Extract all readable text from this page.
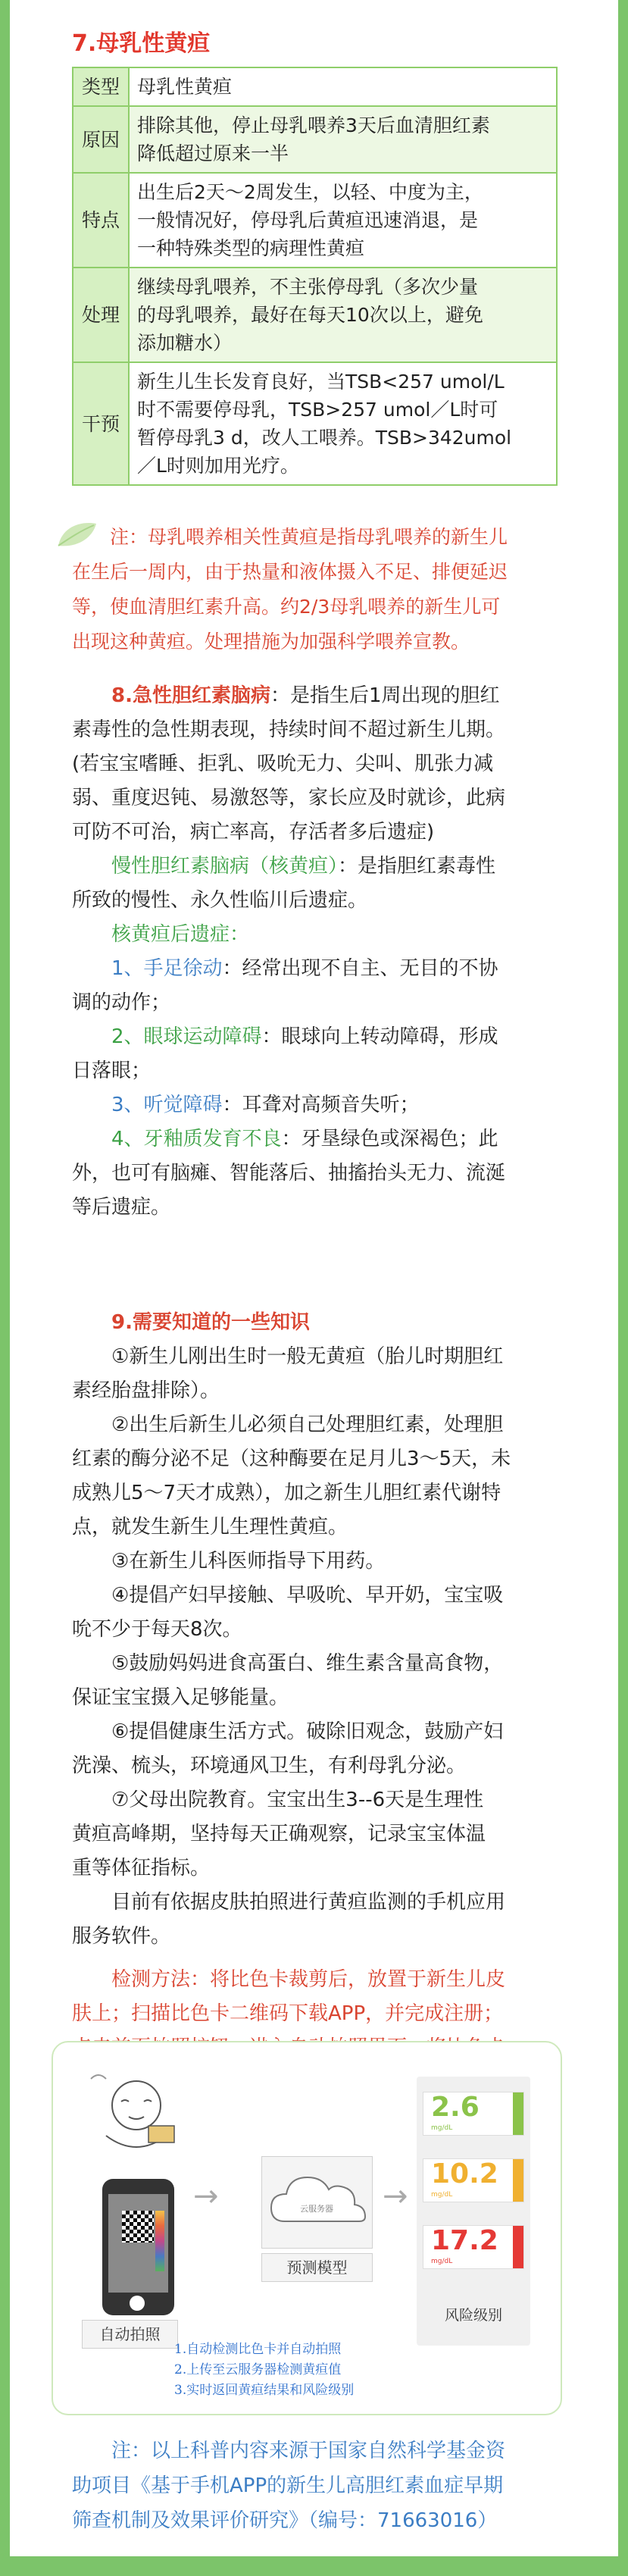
7.母乳性黄疸
类型	母乳性黄疸
原因	排除其他，停止母乳喂养3天后血清胆红素
降低超过原来一半

特点	出生后2天～2周发生，以轻、中度为主，
一般情况好，停母乳后黄疸迅速消退，是
一种特殊类型的病理性黄疸

处理	继续母乳喂养，不主张停母乳（多次少量
的母乳喂养，最好在每天10次以上，避免
添加糖水）

干预	新生儿生长发育良好，当TSB<257 umol/L
时不需要停母乳，TSB>257 umol／L时可
暂停母乳3 d，改人工喂养。TSB>342umol
／L时则加用光疗。
注：母乳喂养相关性黄疸是指母乳喂养的新生儿
在生后一周内，由于热量和液体摄入不足、排便延迟
等，使血清胆红素升高。约2/3母乳喂养的新生儿可
出现这种黄疸。处理措施为加强科学喂养宣教。
8.急性胆红素脑病：是指生后1周出现的胆红
素毒性的急性期表现，持续时间不超过新生儿期。
(若宝宝嗜睡、拒乳、吸吮无力、尖叫、肌张力减
弱、重度迟钝、易激怒等，家长应及时就诊，此病
可防不可治，病亡率高，存活者多后遗症)
慢性胆红素脑病（核黄疸）：是指胆红素毒性
所致的慢性、永久性临川后遗症。
核黄疸后遗症：
1、手足徐动：经常出现不自主、无目的不协
调的动作；
2、眼球运动障碍：眼球向上转动障碍，形成
日落眼；
3、听觉障碍：耳聋对高频音失听；
4、牙釉质发育不良：牙垦绿色或深褐色；此
外，也可有脑瘫、智能落后、抽搐抬头无力、流涎
等后遗症。
9.需要知道的一些知识
①新生儿刚出生时一般无黄疸（胎儿时期胆红
素经胎盘排除）。
②出生后新生儿必须自己处理胆红素，处理胆
红素的酶分泌不足（这种酶要在足月儿3～5天，未
成熟儿5～7天才成熟），加之新生儿胆红素代谢特
点，就发生新生儿生理性黄疸。
③在新生儿科医师指导下用药。
④提倡产妇早接触、早吸吮、早开奶，宝宝吸
吮不少于每天8次。
⑤鼓励妈妈进食高蛋白、维生素含量高食物，
保证宝宝摄入足够能量。
⑥提倡健康生活方式。破除旧观念，鼓励产妇
洗澡、梳头，环境通风卫生，有利母乳分泌。
⑦父母出院教育。宝宝出生3--6天是生理性
黄疸高峰期，坚持每天正确观察，记录宝宝体温
重等体征指标。
目前有依据皮肤拍照进行黄疸监测的手机应用
服务软件。
检测方法：将比色卡裁剪后，放置于新生儿皮
肤上；扫描比色卡二维码下载APP，并完成注册；
自动拍照
→	云服务器
预测模型
→
2.6
mg/dL
10.2
mg/dL
17.2
mg/dL
风险级别
1.自动检测比色卡并自动拍照
2.上传至云服务器检测黄疸值
3.实时返回黄疸结果和风险级别
注：以上科普内容来源于国家自然科学基金资
助项目《基于手机APP的新生儿高胆红素血症早期
筛查机制及效果评价研究》（编号：71663016）
